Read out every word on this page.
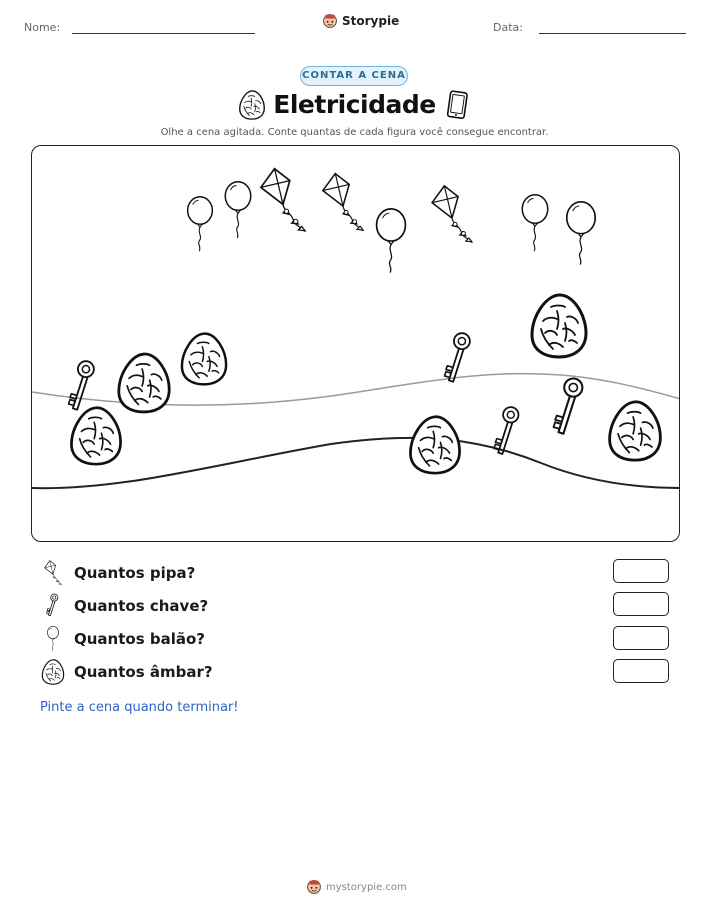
Nome:	Storypie	Data:
CONTAR A CENA
Eletricidade
Olhe a cena agitada. Conte quantas de cada figura você consegue encontrar.
Quantos pipa?
Quantos chave?
Quantos balão?
Quantos âmbar?
Pinte a cena quando terminar!
mystorypie.com
